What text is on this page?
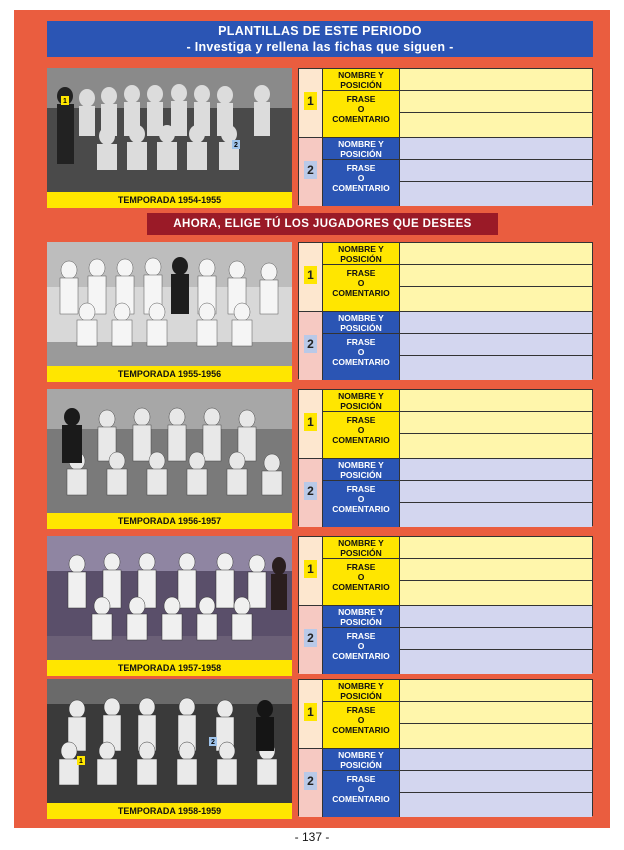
PLANTILLAS DE ESTE PERIODO
- Investiga y rellena las fichas que siguen -
AHORA, ELIGE TÚ LOS JUGADORES QUE DESEES
1
2
TEMPORADA 1954-1955
1
NOMBRE Y
POSICIÓN
FRASE
O
COMENTARIO
2
NOMBRE Y
POSICIÓN
FRASE
O
COMENTARIO
TEMPORADA 1955-1956
1
NOMBRE Y
POSICIÓN
FRASE
O
COMENTARIO
2
NOMBRE Y
POSICIÓN
FRASE
O
COMENTARIO
TEMPORADA 1956-1957
1
NOMBRE Y
POSICIÓN
FRASE
O
COMENTARIO
2
NOMBRE Y
POSICIÓN
FRASE
O
COMENTARIO
TEMPORADA 1957-1958
1
NOMBRE Y
POSICIÓN
FRASE
O
COMENTARIO
2
NOMBRE Y
POSICIÓN
FRASE
O
COMENTARIO
1
2
TEMPORADA 1958-1959
1
NOMBRE Y
POSICIÓN
FRASE
O
COMENTARIO
2
NOMBRE Y
POSICIÓN
FRASE
O
COMENTARIO
- 137 -
